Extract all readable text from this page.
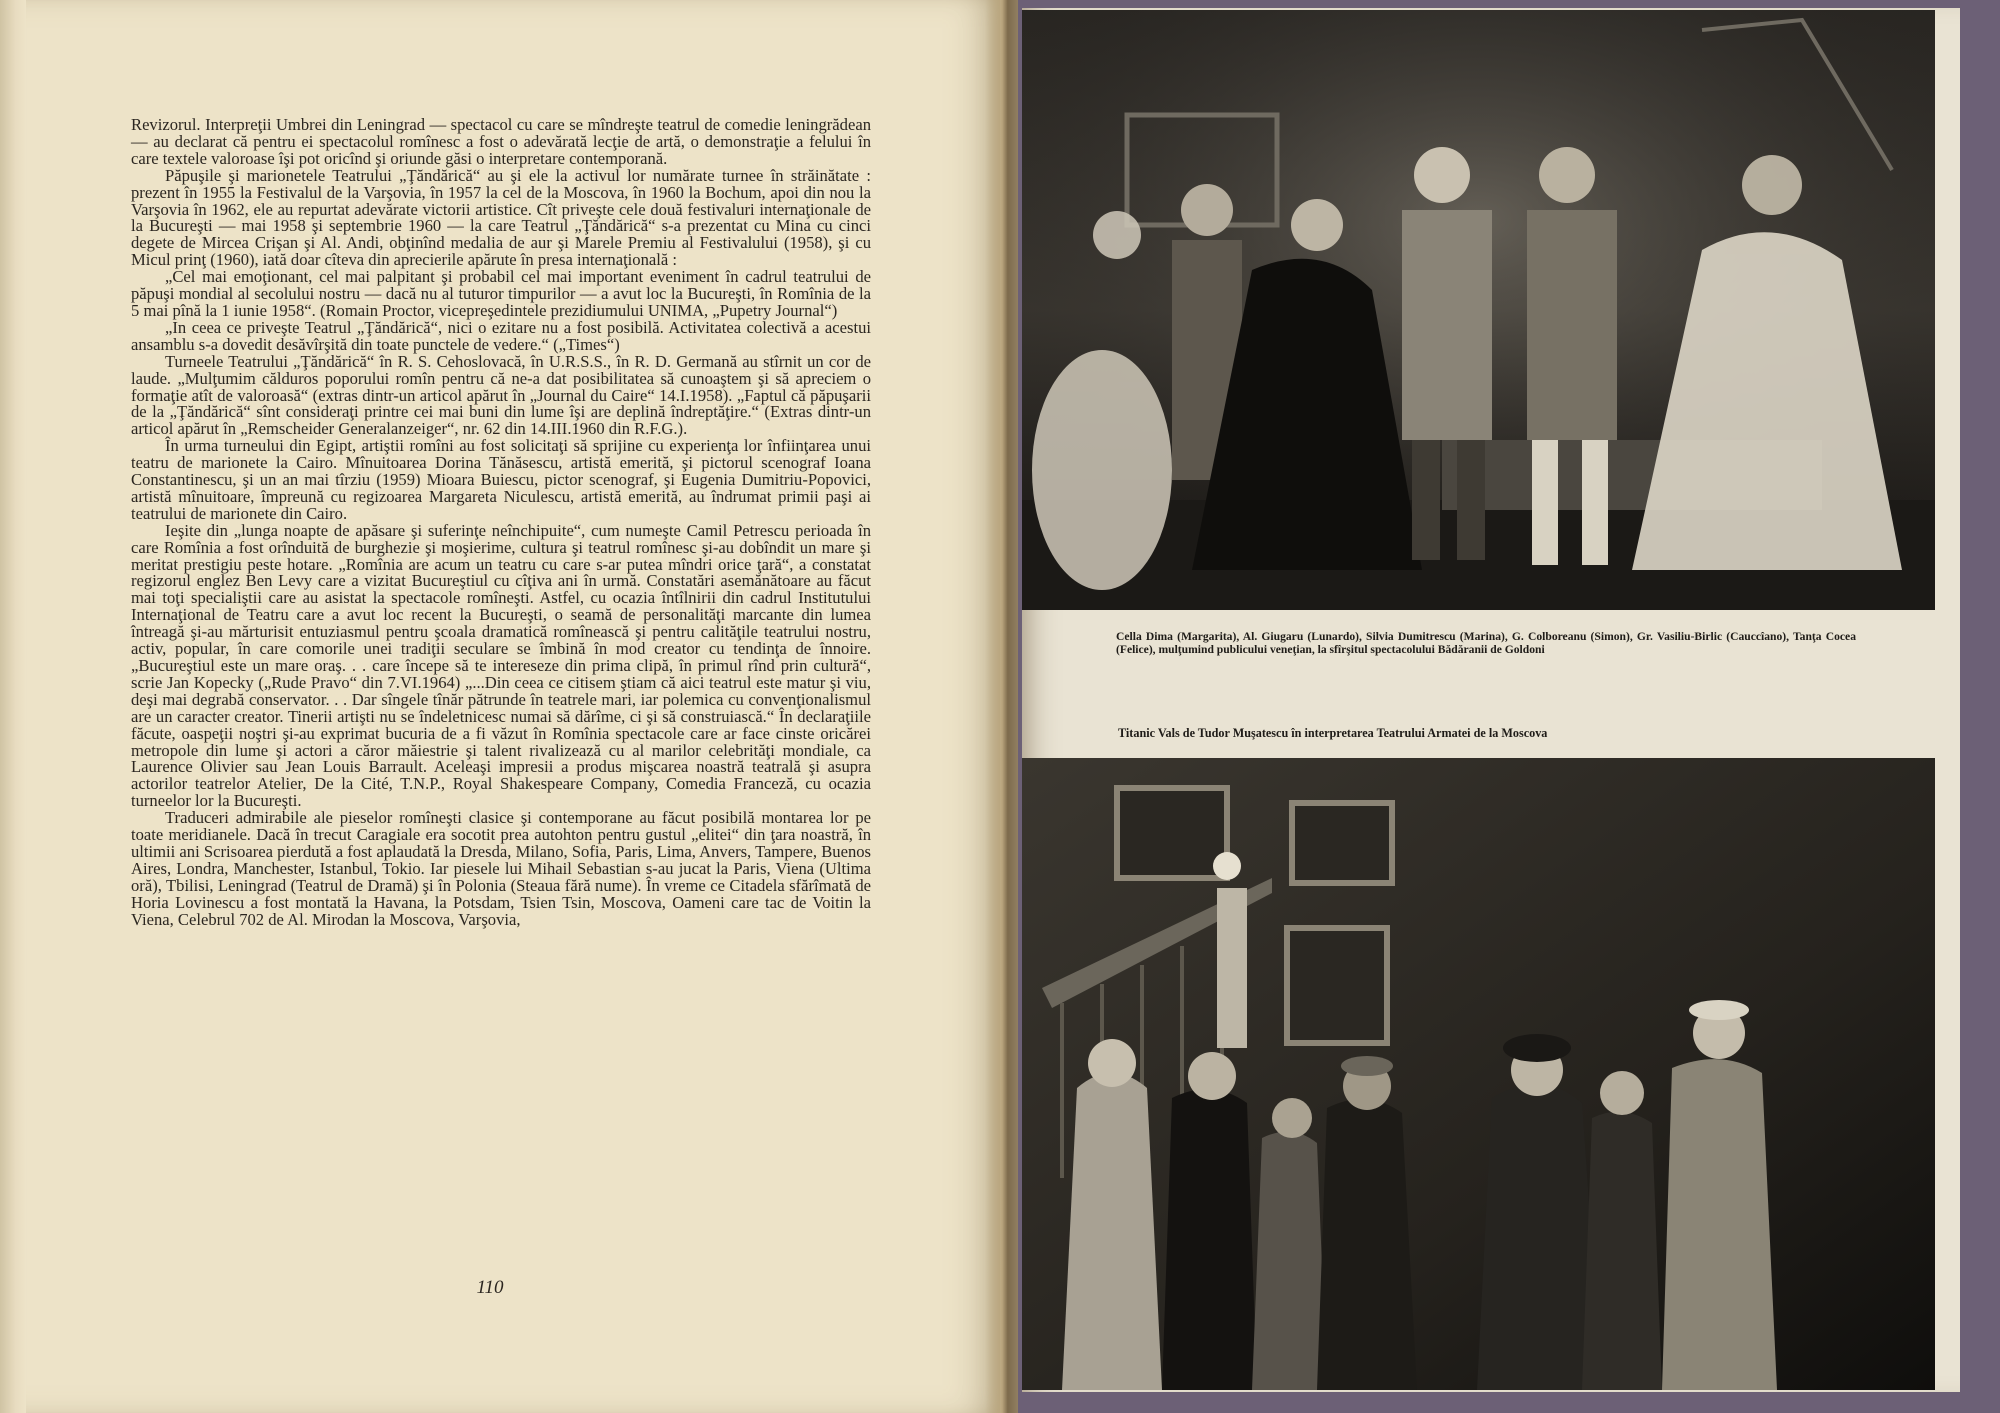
Revizorul. Interpreţii Umbrei din Leningrad — spectacol cu care se mîndreşte teatrul de comedie leningrădean — au declarat că pentru ei spectacolul romînesc a fost o adevărată lecţie de artă, o demonstraţie a felului în care textele valoroase îşi pot oricînd şi oriunde găsi o interpretare contemporană.

Păpuşile şi marionetele Teatrului „Ţăndărică“ au şi ele la activul lor numărate turnee în străinătate : prezent în 1955 la Festivalul de la Varşovia, în 1957 la cel de la Moscova, în 1960 la Bochum, apoi din nou la Varşovia în 1962, ele au repurtat adevărate victorii artistice. Cît priveşte cele două festivaluri internaţionale de la Bucureşti — mai 1958 şi septembrie 1960 — la care Teatrul „Ţăndărică“ s-a prezentat cu Mina cu cinci degete de Mircea Crişan şi Al. Andi, obţinînd medalia de aur şi Marele Premiu al Festivalului (1958), şi cu Micul prinţ (1960), iată doar cîteva din aprecierile apărute în presa internaţională :

„Cel mai emoţionant, cel mai palpitant şi probabil cel mai important eveniment în cadrul teatrului de păpuşi mondial al secolului nostru — dacă nu al tuturor timpurilor — a avut loc la Bucureşti, în Romînia de la 5 mai pînă la 1 iunie 1958“. (Romain Proctor, vicepreşedintele prezidiumului UNIMA, „Pupetry Journal“)

„In ceea ce priveşte Teatrul „Ţăndărică“, nici o ezitare nu a fost posibilă. Activitatea colectivă a acestui ansamblu s-a dovedit desăvîrşită din toate punctele de vedere.“ („Times“)

Turneele Teatrului „Ţăndărică“ în R. S. Cehoslovacă, în U.R.S.S., în R. D. Germană au stîrnit un cor de laude. „Mulţumim călduros poporului romîn pentru că ne-a dat posibilitatea să cunoaştem şi să apreciem o formaţie atît de valoroasă“ (extras dintr-un articol apărut în „Journal du Caire“ 14.I.1958). „Faptul că păpuşarii de la „Ţăndărică“ sînt consideraţi printre cei mai buni din lume îşi are deplină îndreptăţire.“ (Extras dintr-un articol apărut în „Remscheider Generalanzeiger“, nr. 62 din 14.III.1960 din R.F.G.).

În urma turneului din Egipt, artiştii romîni au fost solicitaţi să sprijine cu experienţa lor înfiinţarea unui teatru de marionete la Cairo. Mînuitoarea Dorina Tănăsescu, artistă emerită, şi pictorul scenograf Ioana Constantinescu, şi un an mai tîrziu (1959) Mioara Buiescu, pictor scenograf, şi Eugenia Dumitriu-Popovici, artistă mînuitoare, împreună cu regizoarea Margareta Niculescu, artistă emerită, au îndrumat primii paşi ai teatrului de marionete din Cairo.

Ieşite din „lunga noapte de apăsare şi suferinţe neînchipuite“, cum numeşte Camil Petrescu perioada în care Romînia a fost orînduită de burghezie şi moşierime, cultura şi teatrul romînesc şi-au dobîndit un mare şi meritat prestigiu peste hotare. „Romînia are acum un teatru cu care s-ar putea mîndri orice ţară“, a constatat regizorul englez Ben Levy care a vizitat Bucureştiul cu cîţiva ani în urmă. Constatări asemănătoare au făcut mai toţi specialiştii care au asistat la spectacole romîneşti. Astfel, cu ocazia întîlnirii din cadrul Institutului Internaţional de Teatru care a avut loc recent la Bucureşti, o seamă de personalităţi marcante din lumea întreagă şi-au mărturisit entuziasmul pentru şcoala dramatică romînească şi pentru calităţile teatrului nostru, activ, popular, în care comorile unei tradiţii seculare se îmbină în mod creator cu tendinţa de înnoire. „Bucureştiul este un mare oraş. . . care începe să te intereseze din prima clipă, în primul rînd prin cultură“, scrie Jan Kopecky („Rude Pravo“ din 7.VI.1964) „...Din ceea ce citisem ştiam că aici teatrul este matur şi viu, deşi mai degrabă conservator. . . Dar sîngele tînăr pătrunde în teatrele mari, iar polemica cu convenţionalismul are un caracter creator. Tinerii artişti nu se îndeletnicesc numai să dărîme, ci şi să construiască.“ În declaraţiile făcute, oaspeţii noştri şi-au exprimat bucuria de a fi văzut în Romînia spectacole care ar face cinste oricărei metropole din lume şi actori a căror măiestrie şi talent rivalizează cu al marilor celebrităţi mondiale, ca Laurence Olivier sau Jean Louis Barrault. Aceleaşi impresii a produs mişcarea noastră teatrală şi asupra actorilor teatrelor Atelier, De la Cité, T.N.P., Royal Shakespeare Company, Comedia Franceză, cu ocazia turneelor lor la Bucureşti.

Traduceri admirabile ale pieselor romîneşti clasice şi contemporane au făcut posibilă montarea lor pe toate meridianele. Dacă în trecut Caragiale era socotit prea autohton pentru gustul „elitei“ din ţara noastră, în ultimii ani Scrisoarea pierdută a fost aplaudată la Dresda, Milano, Sofia, Paris, Lima, Anvers, Tampere, Buenos Aires, Londra, Manchester, Istanbul, Tokio. Iar piesele lui Mihail Sebastian s-au jucat la Paris, Viena (Ultima oră), Tbilisi, Leningrad (Teatrul de Dramă) şi în Polonia (Steaua fără nume). În vreme ce Citadela sfărîmată de Horia Lovinescu a fost montată la Havana, la Potsdam, Tsien Tsin, Moscova, Oameni care tac de Voitin la Viena, Celebrul 702 de Al. Mirodan la Moscova, Varşovia,

110
Cella Dima (Margarita), Al. Giugaru (Lunardo), Silvia Dumitrescu (Marina), G. Colboreanu (Simon), Gr. Vasiliu-Birlic (Cauccîano), Tanţa Cocea (Felice), mulţumind publicului veneţian, la sfîrşitul spectacolului Bădăranii de Goldoni
Titanic Vals de Tudor Muşatescu în interpretarea Teatrului Armatei de la Moscova
